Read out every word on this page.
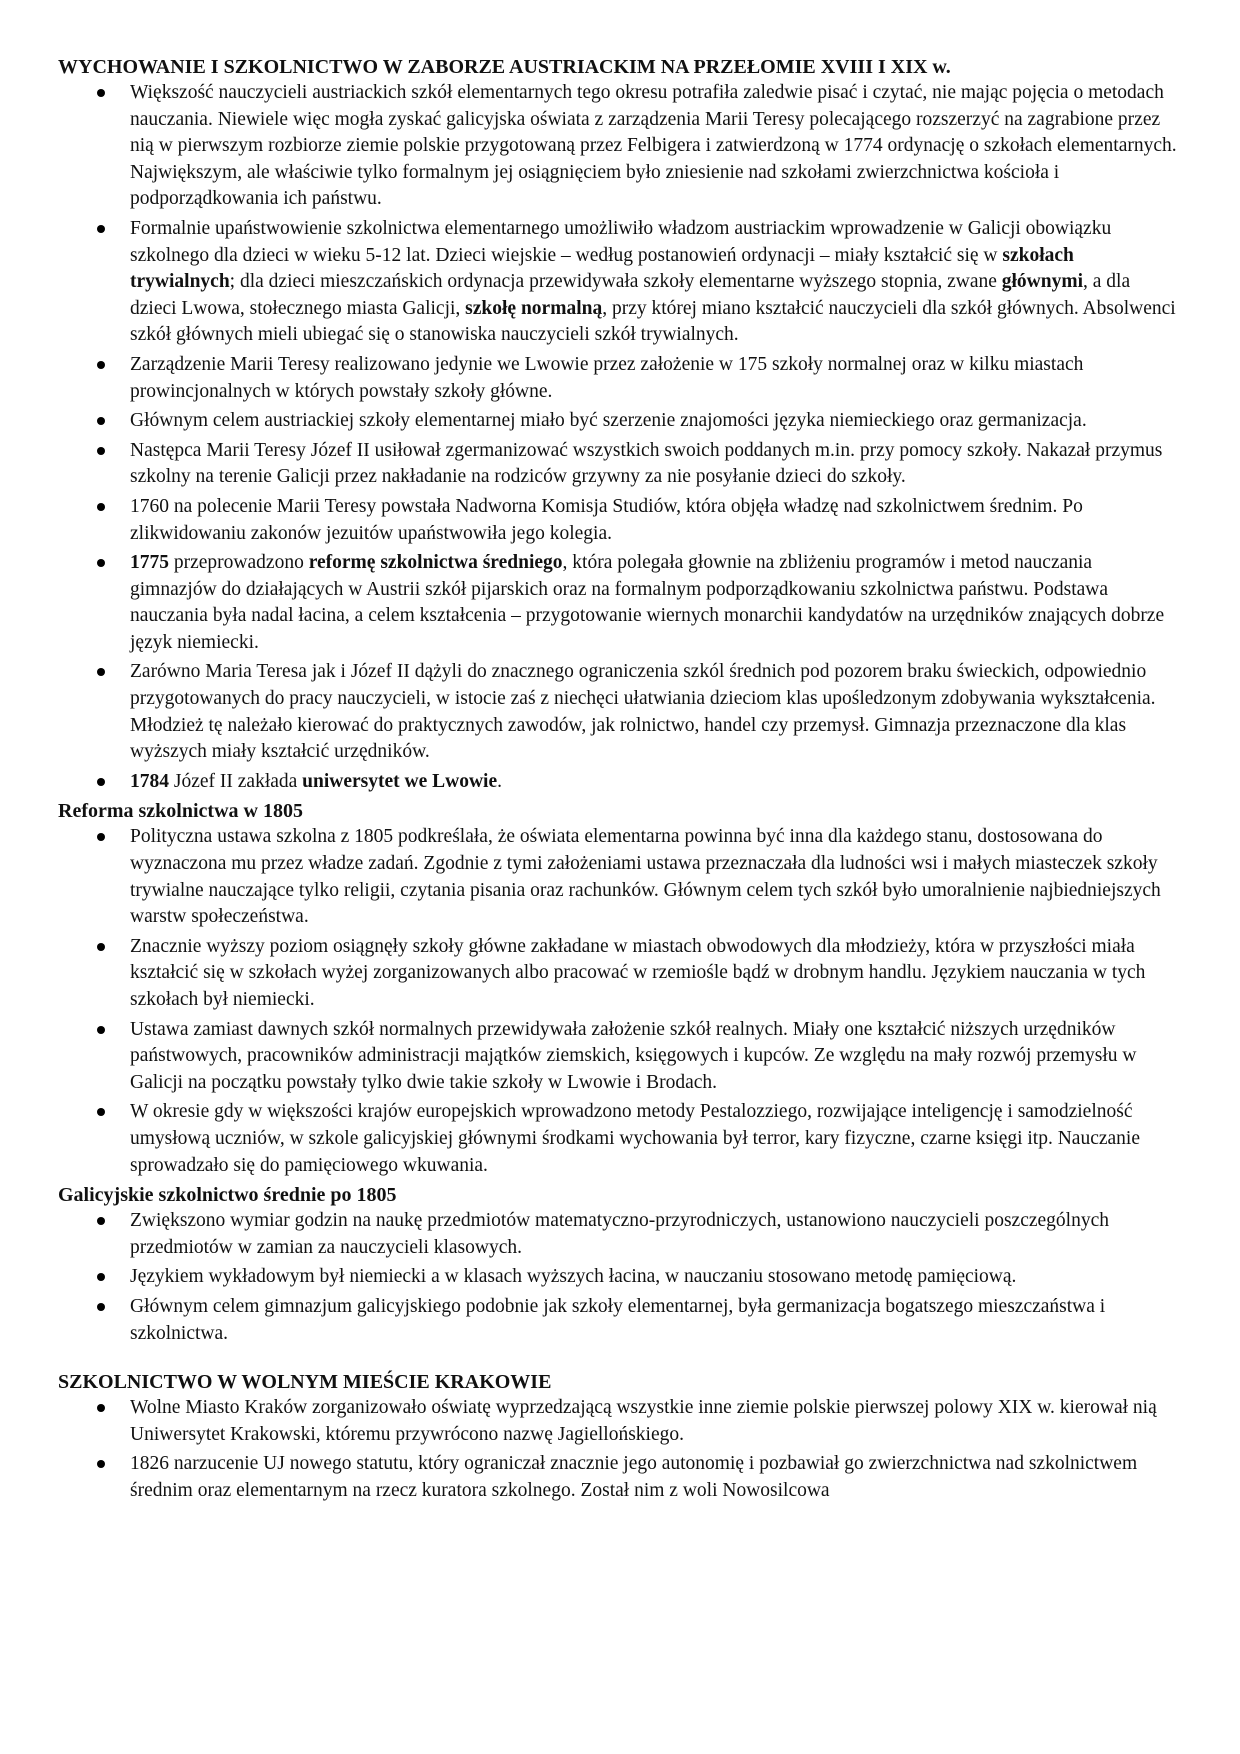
WYCHOWANIE I SZKOLNICTWO W ZABORZE AUSTRIACKIM NA PRZEŁOMIE XVIII I XIX w.
Większość nauczycieli austriackich szkół elementarnych tego okresu potrafiła zaledwie pisać i czytać, nie mając pojęcia o metodach nauczania. Niewiele więc mogła zyskać galicyjska oświata z zarządzenia Marii Teresy polecającego rozszerzyć na zagrabione przez nią w pierwszym rozbiorze ziemie polskie przygotowaną przez Felbigera i zatwierdzoną w 1774 ordynację o szkołach elementarnych. Największym, ale właściwie tylko formalnym jej osiągnięciem było zniesienie nad szkołami zwierzchnictwa kościoła i podporządkowania ich państwu.
Formalnie upaństwowienie szkolnictwa elementarnego umożliwiło władzom austriackim wprowadzenie w Galicji obowiązku szkolnego dla dzieci w wieku 5-12 lat. Dzieci wiejskie – według postanowień ordynacji – miały kształcić się w szkołach trywialnych; dla dzieci mieszczańskich ordynacja przewidywała szkoły elementarne wyższego stopnia, zwane głównymi, a dla dzieci Lwowa, stołecznego miasta Galicji, szkołę normalną, przy której miano kształcić nauczycieli dla szkół głównych. Absolwenci szkół głównych mieli ubiegać się o stanowiska nauczycieli szkół trywialnych.
Zarządzenie Marii Teresy realizowano jedynie we Lwowie przez założenie w 175 szkoły normalnej oraz w kilku miastach prowincjonalnych w których powstały szkoły główne.
Głównym celem austriackiej szkoły elementarnej miało być szerzenie znajomości języka niemieckiego oraz germanizacja.
Następca Marii Teresy Józef II usiłował zgermanizować wszystkich swoich poddanych m.in. przy pomocy szkoły. Nakazał przymus szkolny na terenie Galicji przez nakładanie na rodziców grzywny za nie posyłanie dzieci do szkoły.
1760 na polecenie Marii Teresy powstała Nadworna Komisja Studiów, która objęła władzę nad szkolnictwem średnim. Po zlikwidowaniu zakonów jezuitów upaństwowiła jego kolegia.
1775 przeprowadzono reformę szkolnictwa średniego, która polegała głownie na zbliżeniu programów i metod nauczania gimnazjów do działających w Austrii szkół pijarskich oraz na formalnym podporządkowaniu szkolnictwa państwu. Podstawa nauczania była nadal łacina, a celem kształcenia – przygotowanie wiernych monarchii kandydatów na urzędników znających dobrze język niemiecki.
Zarówno Maria Teresa jak i Józef II dążyli do znacznego ograniczenia szkól średnich pod pozorem braku świeckich, odpowiednio przygotowanych do pracy nauczycieli, w istocie zaś z niechęci ułatwiania dzieciom klas upośledzonym zdobywania wykształcenia. Młodzież tę należało kierować do praktycznych zawodów, jak rolnictwo, handel czy przemysł. Gimnazja przeznaczone dla klas wyższych miały kształcić urzędników.
1784 Józef II zakłada uniwersytet we Lwowie.
Reforma szkolnictwa w 1805
Polityczna ustawa szkolna z 1805 podkreślała, że oświata elementarna powinna być inna dla każdego stanu, dostosowana do wyznaczona mu przez władze zadań. Zgodnie z tymi założeniami ustawa przeznaczała dla ludności wsi i małych miasteczek szkoły trywialne nauczające tylko religii, czytania pisania oraz rachunków. Głównym celem tych szkół było umoralnienie najbiedniejszych warstw społeczeństwa.
Znacznie wyższy poziom osiągnęły szkoły główne zakładane w miastach obwodowych dla młodzieży, która w przyszłości miała kształcić się w szkołach wyżej zorganizowanych albo pracować w rzemiośle bądź w drobnym handlu. Językiem nauczania w tych szkołach był niemiecki.
Ustawa zamiast dawnych szkół normalnych przewidywała założenie szkół realnych. Miały one kształcić niższych urzędników państwowych, pracowników administracji majątków ziemskich, księgowych i kupców. Ze względu na mały rozwój przemysłu w Galicji na początku powstały tylko dwie takie szkoły w Lwowie i Brodach.
W okresie gdy w większości krajów europejskich wprowadzono metody Pestalozziego, rozwijające inteligencję i samodzielność umysłową uczniów, w szkole galicyjskiej głównymi środkami wychowania był terror, kary fizyczne, czarne księgi itp. Nauczanie sprowadzało się do pamięciowego wkuwania.
Galicyjskie szkolnictwo średnie po 1805
Zwiększono wymiar godzin na naukę przedmiotów matematyczno-przyrodniczych, ustanowiono nauczycieli poszczególnych przedmiotów w zamian za nauczycieli klasowych.
Językiem wykładowym był niemiecki a w klasach wyższych łacina, w nauczaniu stosowano metodę pamięciową.
Głównym celem gimnazjum galicyjskiego podobnie jak szkoły elementarnej, była germanizacja bogatszego mieszczaństwa i szkolnictwa.
SZKOLNICTWO W WOLNYM MIEŚCIE KRAKOWIE
Wolne Miasto Kraków zorganizowało oświatę wyprzedzającą wszystkie inne ziemie polskie pierwszej polowy XIX w. kierował nią Uniwersytet Krakowski, któremu przywrócono nazwę Jagiellońskiego.
1826 narzucenie UJ nowego statutu, który ograniczał znacznie jego autonomię i pozbawiał go zwierzchnictwa nad szkolnictwem średnim oraz elementarnym na rzecz kuratora szkolnego. Został nim z woli Nowosilcowa
